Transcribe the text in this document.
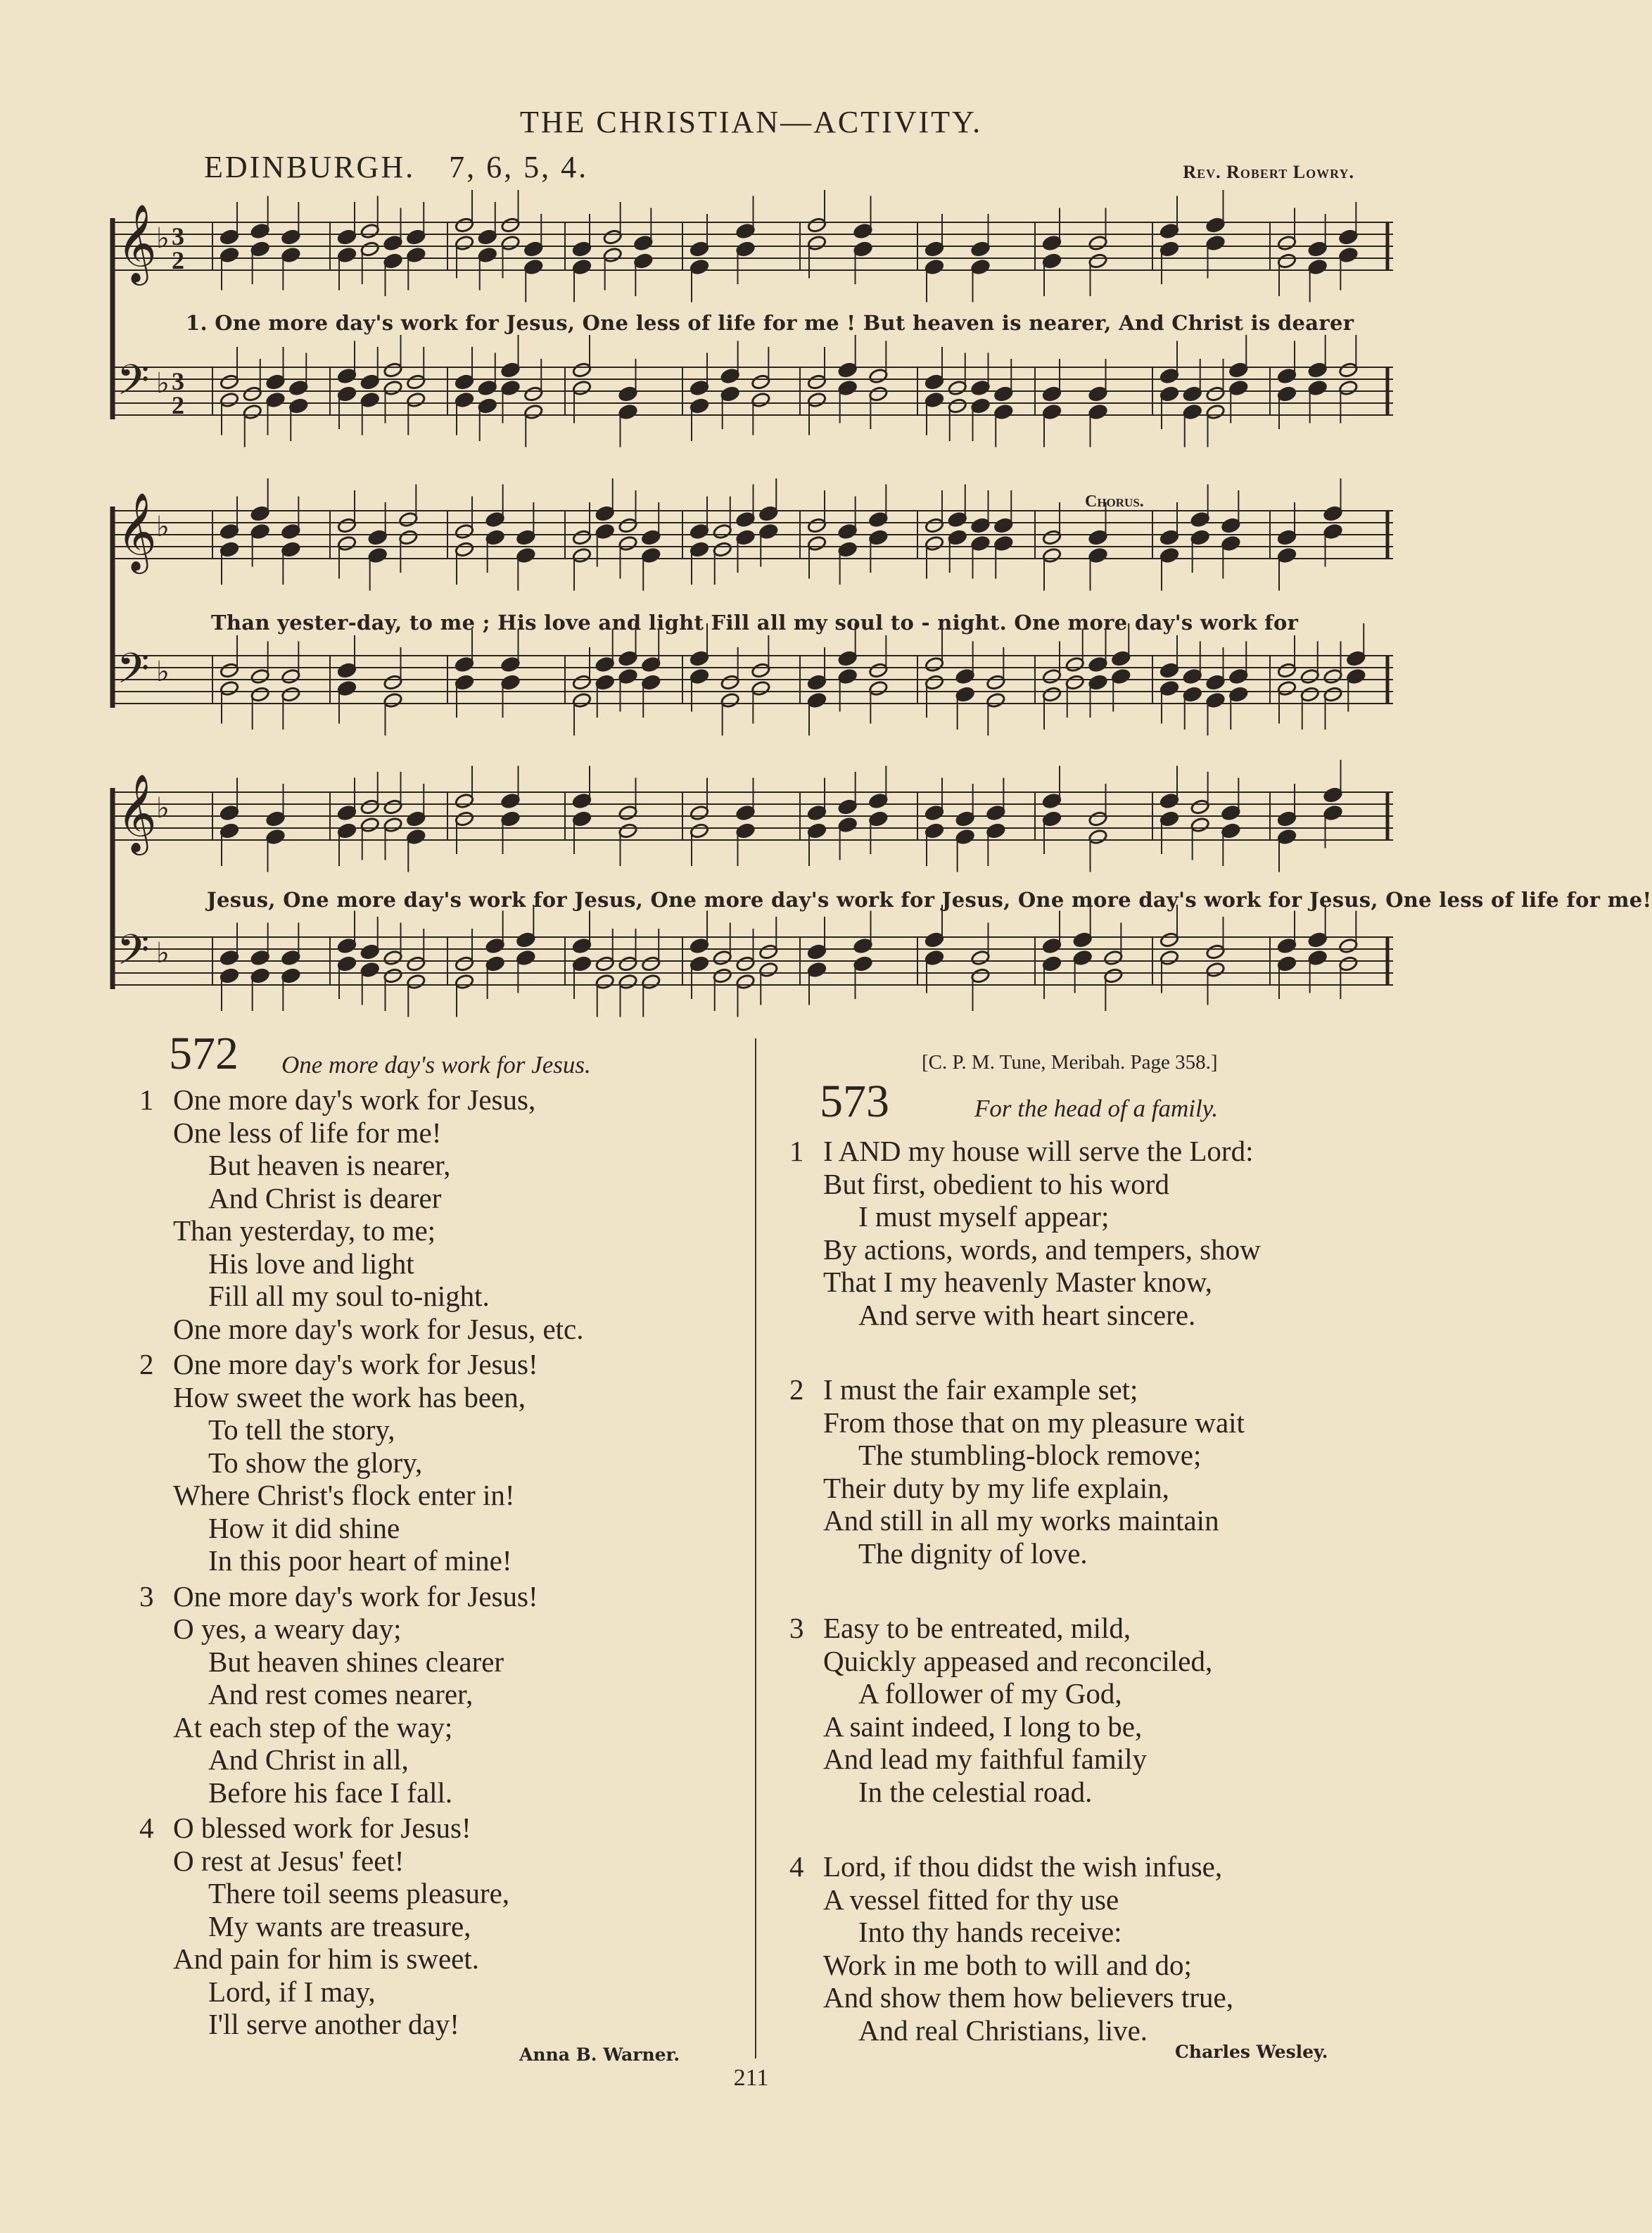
THE CHRISTIAN—ACTIVITY.
EDINBURGH. 7, 6, 5, 4.	Rev. Robert Lowry.
𝄞 ♭ 3
2
𝄢 ♭ 3
2
1. One more day's work for Jesus, One less of life for me ! But heaven is nearer, And Christ is dearer
𝄞 ♭
𝄢 ♭
Chorus.
Than yester-day, to me ; His love and light Fill all my soul to - night. One more day's work for
𝄞 ♭
𝄢 ♭
Jesus, One more day's work for Jesus, One more day's work for Jesus, One more day's work for Jesus, One less of life for me!
572 One more day's work for Jesus.
1 One more day's work for Jesus,
One less of life for me!
But heaven is nearer,
And Christ is dearer
Than yesterday, to me;
His love and light
Fill all my soul to-night.
One more day's work for Jesus, etc.
2 One more day's work for Jesus!
How sweet the work has been,
To tell the story,
To show the glory,
Where Christ's flock enter in!
How it did shine
In this poor heart of mine!
3 One more day's work for Jesus!
O yes, a weary day;
But heaven shines clearer
And rest comes nearer,
At each step of the way;
And Christ in all,
Before his face I fall.
4 O blessed work for Jesus!
O rest at Jesus' feet!
There toil seems pleasure,
My wants are treasure,
And pain for him is sweet.
Lord, if I may,
I'll serve another day!
Anna B. Warner.
[C. P. M. Tune, Meribah. Page 358.]
573	For the head of a family.
1 I AND my house will serve the Lord:
But first, obedient to his word
I must myself appear;
By actions, words, and tempers, show
That I my heavenly Master know,
And serve with heart sincere.
2 I must the fair example set;
From those that on my pleasure wait
The stumbling-block remove;
Their duty by my life explain,
And still in all my works maintain
The dignity of love.
3 Easy to be entreated, mild,
Quickly appeased and reconciled,
A follower of my God,
A saint indeed, I long to be,
And lead my faithful family
In the celestial road.
4 Lord, if thou didst the wish infuse,
A vessel fitted for thy use
Into thy hands receive:
Work in me both to will and do;
And show them how believers true,
And real Christians, live.
Charles Wesley.
211
